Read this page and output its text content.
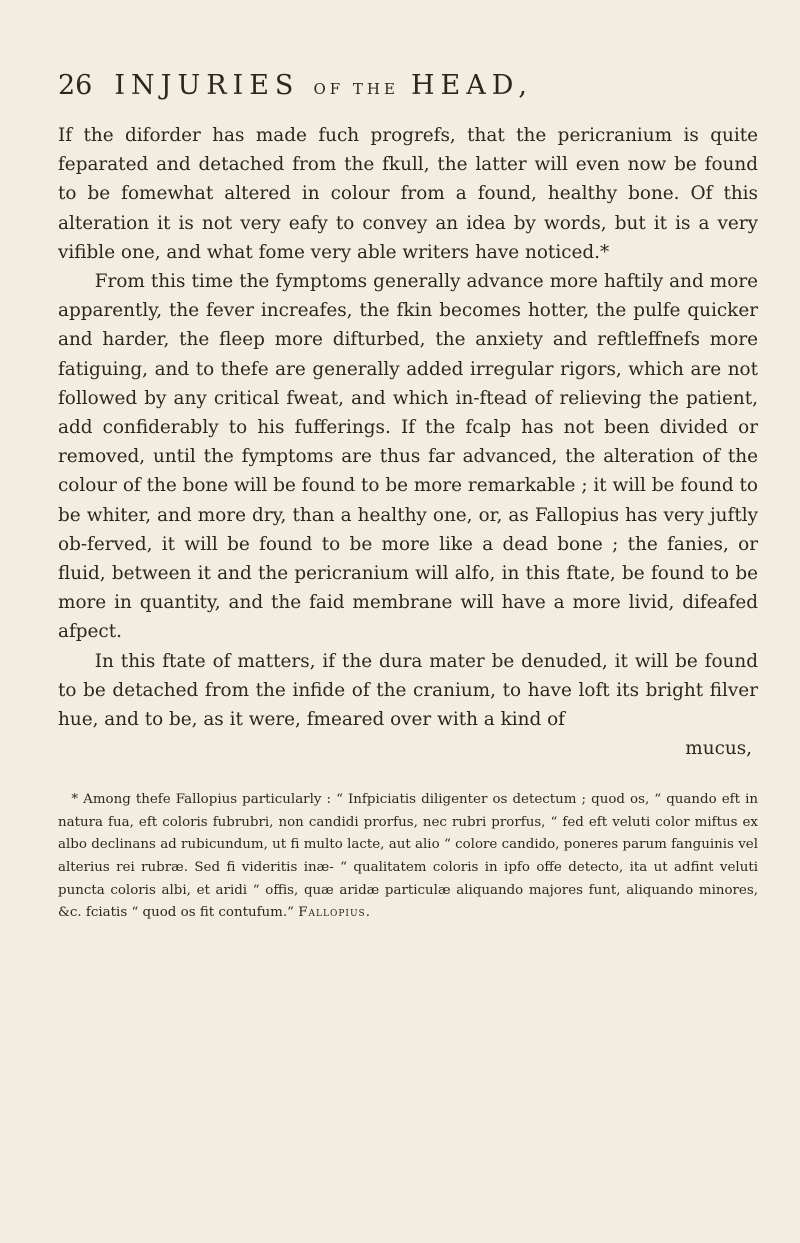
26 INJURIES OF THE HEAD,

If the diforder has made fuch progrefs, that the pericranium is quite feparated and detached from the fkull, the latter will even now be found to be fomewhat altered in colour from a found, healthy bone. Of this alteration it is not very eafy to convey an idea by words, but it is a very vifible one, and what fome very able writers have noticed.*

From this time the fymptoms generally advance more haftily and more apparently, the fever increafes, the fkin becomes hotter, the pulfe quicker and harder, the fleep more difturbed, the anxiety and reftleffnefs more fatiguing, and to thefe are generally added irregular rigors, which are not followed by any critical fweat, and which in-ftead of relieving the patient, add confiderably to his fufferings. If the fcalp has not been divided or removed, until the fymptoms are thus far advanced, the alteration of the colour of the bone will be found to be more remarkable ; it will be found to be whiter, and more dry, than a healthy one, or, as Fallopius has very juftly ob-ferved, it will be found to be more like a dead bone ; the fanies, or fluid, between it and the pericranium will alfo, in this ftate, be found to be more in quantity, and the faid membrane will have a more livid, difeafed afpect.

In this ftate of matters, if the dura mater be denuded, it will be found to be detached from the infide of the cranium, to have loft its bright filver hue, and to be, as it were, fmeared over with a kind of

mucus,

* Among thefe Fallopius particularly : “ Infpiciatis diligenter os detectum ; quod os, “ quando eft in natura fua, eft coloris fubrubri, non candidi prorfus, nec rubri prorfus, “ fed eft veluti color miftus ex albo declinans ad rubicundum, ut fi multo lacte, aut alio “ colore candido, poneres parum fanguinis vel alterius rei rubræ. Sed fi videritis inæ- “ qualitatem coloris in ipfo offe detecto, ita ut adfint veluti puncta coloris albi, et aridi “ offis, quæ aridæ particulæ aliquando majores funt, aliquando minores, &c. fciatis “ quod os fit contufum.” Fallopius.
